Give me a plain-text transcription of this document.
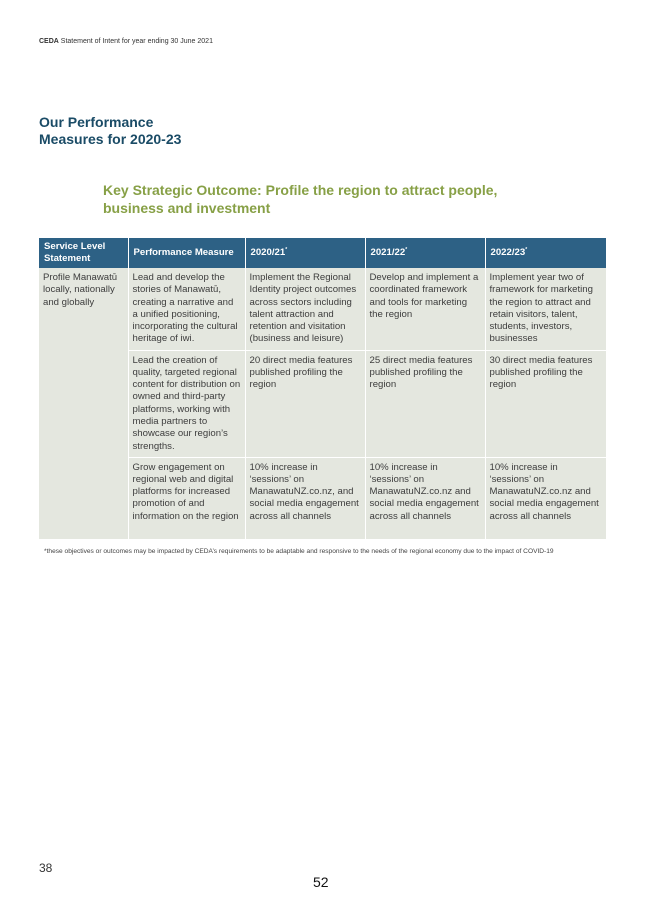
CEDA Statement of Intent for year ending 30 June 2021
Our Performance
Measures for 2020-23
Key Strategic Outcome: Profile the region to attract people, business and investment
Service Level Statement	Performance Measure	2020/21*	2021/22*	2022/23*
Profile Manawatū locally, nationally and globally	Lead and develop the stories of Manawatū, creating a narrative and a unified positioning, incorporating the cultural heritage of iwi.	Implement the Regional Identity project outcomes across sectors including talent attraction and retention and visitation (business and leisure)	Develop and implement a coordinated framework and tools for marketing the region	Implement year two of framework for marketing the region to attract and retain visitors, talent, students, investors, businesses
	Lead the creation of quality, targeted regional content for distribution on owned and third-party platforms, working with media partners to showcase our region’s strengths.	20 direct media features published profiling the region	25 direct media features published profiling the region	30 direct media features published profiling the region
	Grow engagement on regional web and digital platforms for increased promotion of and information on the region	10% increase in ‘sessions’ on ManawatuNZ.co.nz, and social media engagement across all channels	10% increase in ‘sessions’ on ManawatuNZ.co.nz and social media engagement across all channels	10% increase in ‘sessions’ on ManawatuNZ.co.nz and social media engagement across all channels
*these objectives or outcomes may be impacted by CEDA’s requirements to be adaptable and responsive to the needs of the regional economy due to the impact of COVID-19
38
52
